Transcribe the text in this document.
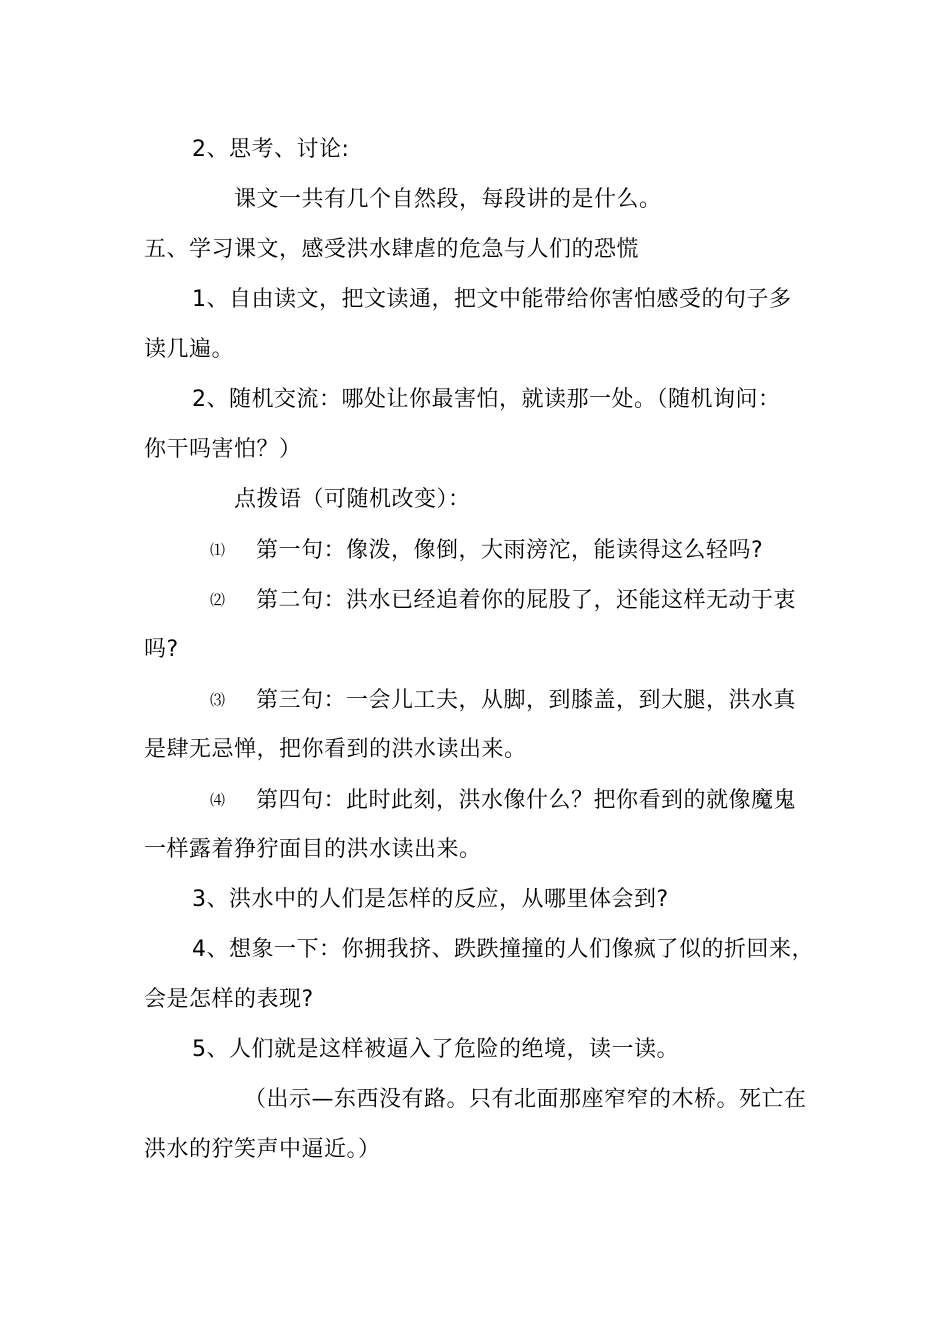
2、思考、讨论:
课文一共有几个自然段，每段讲的是什么。
五、学习课文，感受洪水肆虐的危急与人们的恐慌
1、自由读文，把文读通，把文中能带给你害怕感受的句子多
读几遍。
2、随机交流：哪处让你最害怕，就读那一处。（随机询问：
你干吗害怕？）
点拨语（可随机改变）：
⑴ 第一句：像泼，像倒，大雨滂沱，能读得这么轻吗?
⑵ 第二句：洪水已经追着你的屁股了，还能这样无动于衷
吗?
⑶ 第三句：一会儿工夫，从脚，到膝盖，到大腿，洪水真
是肆无忌惮，把你看到的洪水读出来。
⑷ 第四句：此时此刻，洪水像什么？把你看到的就像魔鬼
一样露着狰狞面目的洪水读出来。
3、洪水中的人们是怎样的反应，从哪里体会到?
4、想象一下：你拥我挤、跌跌撞撞的人们像疯了似的折回来，
会是怎样的表现?
5、人们就是这样被逼入了危险的绝境，读一读。
（出示—东西没有路。只有北面那座窄窄的木桥。死亡在
洪水的狞笑声中逼近。）
